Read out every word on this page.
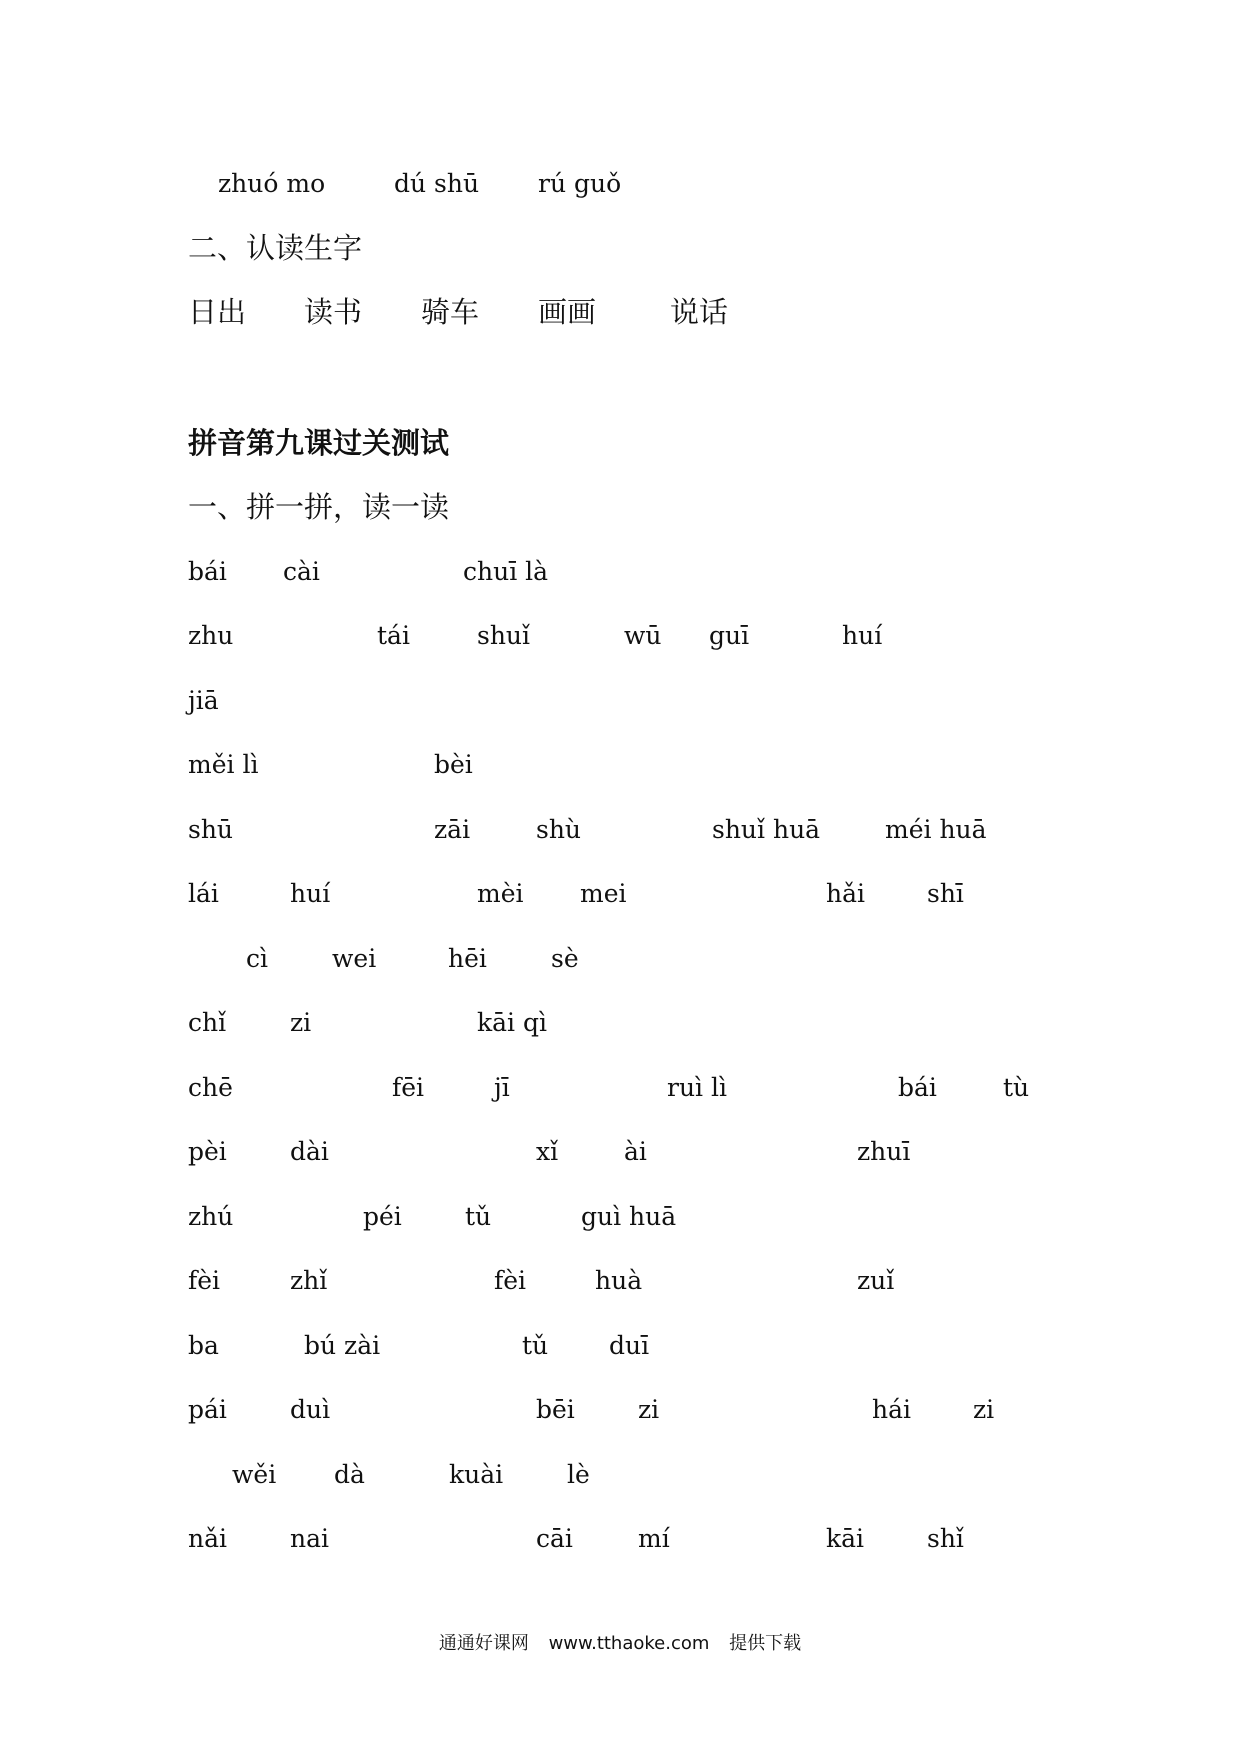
zhuó mo	dú shū rú guǒ
二、认读生字
日出 读书 骑车 画画	说话
拼音第九课过关测试
一、拼一拼，读一读
bái cài	chuī là
zhu	tái	shuǐ	wū guī	huí
jiā
měi lì	bèi
shū	zāi	shù	shuǐ huā	méi huā
lái	huí	mèi mei	hǎi shī
cì	wei	hēi	sè
chǐ	zi	kāi qì
chē	fēi	jī	ruì lì	bái	tù
pèi	dài	xǐ	ài	zhuī
zhú	péi	tǔ	guì huā
fèi	zhǐ	fèi	huà	zuǐ
ba	bú zài	tǔ duī
pái	duì	bēi	zi	hái zi
wěi dà	kuài	lè
nǎi	nai	cāi	mí	kāi	shǐ
通通好课网 www.tthaoke.com 提供下载
